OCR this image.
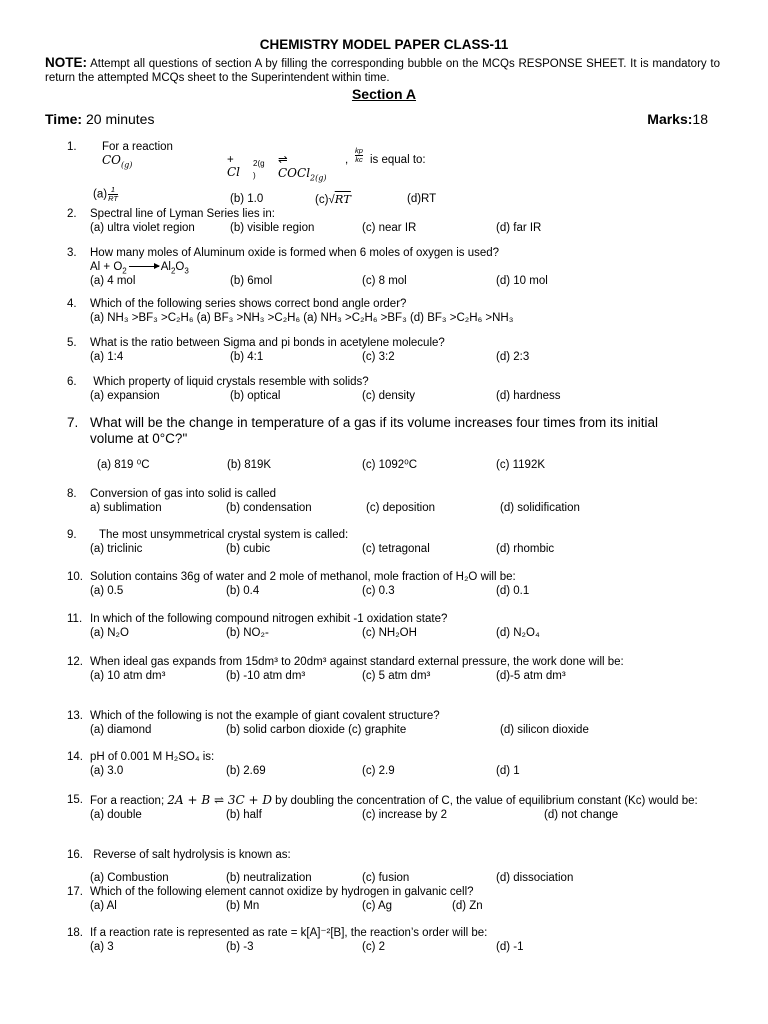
CHEMISTRY MODEL PAPER CLASS-11
NOTE: Attempt all questions of section A by filling the corresponding bubble on the MCQs RESPONSE SHEET. It is mandatory to return the attempted MCQs sheet to the Superintendent within time.
Section A
Time: 20 minutes	Marks:18
1. For a reaction
$CO_{(g)}$	+
Cl
2(g
)
⇌
COCl$_{2(g)}$
,
kp
kc is equal to:
$(a) \frac{1}{RT}$	(b) 1.0	(c)√RT	(d)RT
2. Spectral line of Lyman Series lies in:
(a) ultra violet region	(b) visible region	(c) near IR	(d) far IR
3. How many moles of Aluminum oxide is formed when 6 moles of oxygen is used?
$Al + O_2$	$Al_2O_3$
(a) 4 mol	(b) 6mol	(c) 8 mol	(d) 10 mol
4. Which of the following series shows correct bond angle order?
(a) NH₃ >BF₃ >C₂H₆ (a) BF₃ >NH₃ >C₂H₆ (a) NH₃ >C₂H₆ >BF₃ (d) BF₃ >C₂H₆ >NH₃
5. What is the ratio between Sigma and pi bonds in acetylene molecule?
(a) 1:4	(b) 4:1	(c) 3:2	(d) 2:3
6. Which property of liquid crystals resemble with solids?
(a) expansion	(b) optical	(c) density	(d) hardness
7. What will be the change in temperature of a gas if its volume increases four times from its initial volume at 0°C?"
(a) 819 ⁰C	(b) 819K	(c) 1092⁰C	(c) 1192K
8. Conversion of gas into solid is called
a) sublimation	(b) condensation	(c) deposition	(d) solidification
9. The most unsymmetrical crystal system is called:
(a) triclinic	(b) cubic	(c) tetragonal	(d) rhombic
10. Solution contains 36g of water and 2 mole of methanol, mole fraction of H₂O will be:
(a) 0.5	(b) 0.4	(c) 0.3	(d) 0.1
11. In which of the following compound nitrogen exhibit -1 oxidation state?
(a) N₂O	(b) NO₂-	(c) NH₂OH	(d) N₂O₄
12. When ideal gas expands from 15dm³ to 20dm³ against standard external pressure, the work done will be:
(a) 10 atm dm³	(b) -10 atm dm³	(c) 5 atm dm³	(d)-5 atm dm³
13. Which of the following is not the example of giant covalent structure?
(a) diamond	(b) solid carbon dioxide (c) graphite	(d) silicon dioxide
14. pH of 0.001 M H₂SO₄ is:
(a) 3.0	(b) 2.69	(c) 2.9	(d) 1
15. For a reaction; 2A + B ⇌ 3C + D by doubling the concentration of C, the value of equilibrium constant (Kc) would be:
(a) double	(b) half	(c) increase by 2	(d) not change
16. Reverse of salt hydrolysis is known as:
(a) Combustion	(b) neutralization	(c) fusion	(d) dissociation
17. Which of the following element cannot oxidize by hydrogen in galvanic cell?
(a) Al	(b) Mn	(c) Ag	(d) Zn
18. If a reaction rate is represented as rate = k[A]⁻²[B], the reaction’s order will be:
(a) 3	(b) -3	(c) 2	(d) -1
